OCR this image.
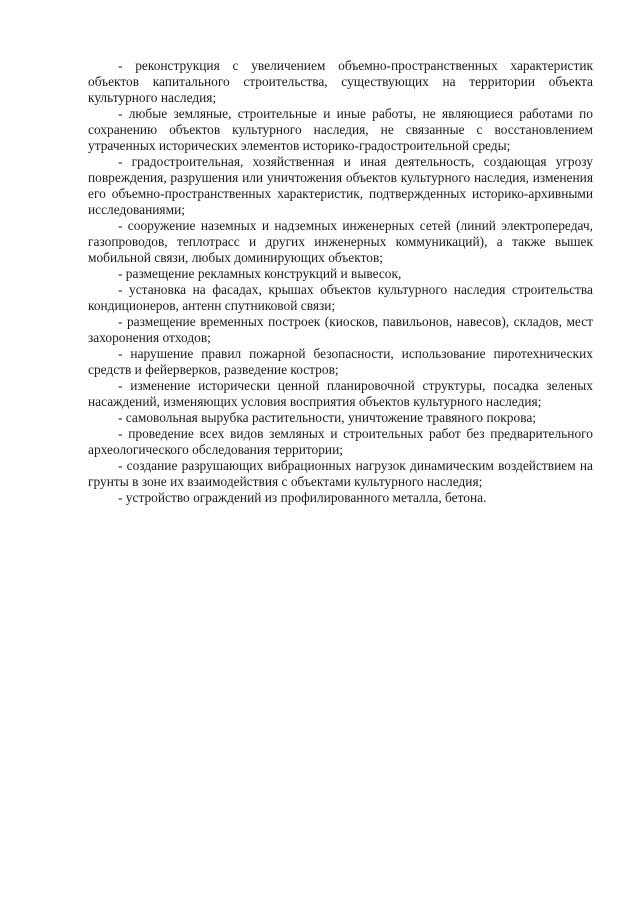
- реконструкция с увеличением объемно-пространственных характеристик объектов капитального строительства, существующих на территории объекта культурного наследия;

- любые земляные, строительные и иные работы, не являющиеся работами по сохранению объектов культурного наследия, не связанные с восстановлением утраченных исторических элементов историко-градостроительной среды;

- градостроительная, хозяйственная и иная деятельность, создающая угрозу повреждения, разрушения или уничтожения объектов культурного наследия, изменения его объемно-пространственных характеристик, подтвержденных историко-архивными исследованиями;

- сооружение наземных и надземных инженерных сетей (линий электропередач, газопроводов, теплотрасс и других инженерных коммуникаций), а также вышек мобильной связи, любых доминирующих объектов;

- размещение рекламных конструкций и вывесок,

- установка на фасадах, крышах объектов культурного наследия строительства кондиционеров, антенн спутниковой связи;

- размещение временных построек (киосков, павильонов, навесов), складов, мест захоронения отходов;

- нарушение правил пожарной безопасности, использование пиротехнических средств и фейерверков, разведение костров;

- изменение исторически ценной планировочной структуры, посадка зеленых насаждений, изменяющих условия восприятия объектов культурного наследия;

- самовольная вырубка растительности, уничтожение травяного покрова;

- проведение всех видов земляных и строительных работ без предварительного археологического обследования территории;

- создание разрушающих вибрационных нагрузок динамическим воздействием на грунты в зоне их взаимодействия с объектами культурного наследия;

- устройство ограждений из профилированного металла, бетона.
